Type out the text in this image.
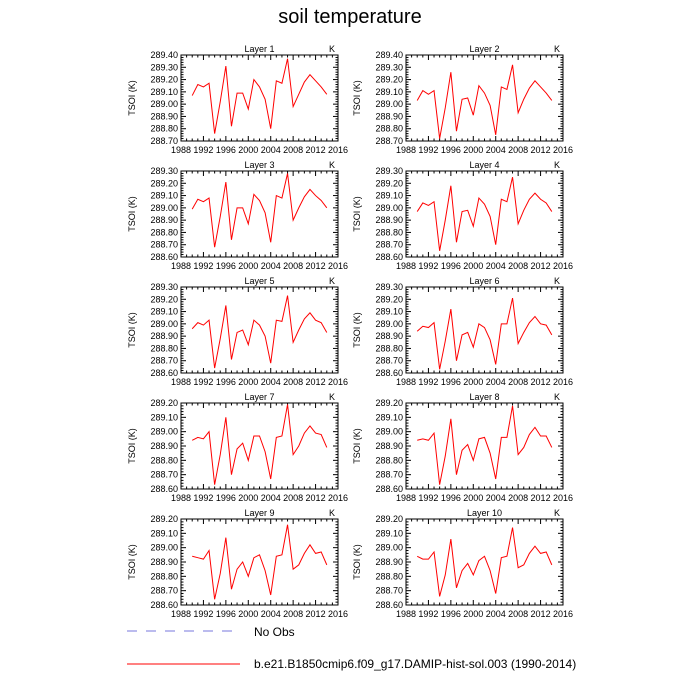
soil temperature
No Obs
b.e21.B1850cmip6.f09_g17.DAMIP-hist-sol.003 (1990-2014)
Layer 1	K
288.70
288.80
288.90
289.00
289.10
289.20
289.30
289.40
1988 1992 1996 2000 2004 2008 2012 2016
TSOI (K)
Layer 2	K
288.70
288.80
288.90
289.00
289.10
289.20
289.30
289.40
1988 1992 1996 2000 2004 2008 2012 2016
TSOI (K)
Layer 3	K
288.60
288.70
288.80
288.90
289.00
289.10
289.20
289.30
1988 1992 1996 2000 2004 2008 2012 2016
TSOI (K)
Layer 4	K
288.60
288.70
288.80
288.90
289.00
289.10
289.20
289.30
1988 1992 1996 2000 2004 2008 2012 2016
TSOI (K)
Layer 5	K
288.60
288.70
288.80
288.90
289.00
289.10
289.20
289.30
1988 1992 1996 2000 2004 2008 2012 2016
TSOI (K)
Layer 6	K
288.60
288.70
288.80
288.90
289.00
289.10
289.20
289.30
1988 1992 1996 2000 2004 2008 2012 2016
TSOI (K)
Layer 7	K
288.60
288.70
288.80
288.90
289.00
289.10
289.20
1988 1992 1996 2000 2004 2008 2012 2016
TSOI (K)
Layer 8	K
288.60
288.70
288.80
288.90
289.00
289.10
289.20
1988 1992 1996 2000 2004 2008 2012 2016
TSOI (K)
Layer 9	K
288.60
288.70
288.80
288.90
289.00
289.10
289.20
1988 1992 1996 2000 2004 2008 2012 2016
TSOI (K)
Layer 10	K
288.60
288.70
288.80
288.90
289.00
289.10
289.20
1988 1992 1996 2000 2004 2008 2012 2016
TSOI (K)
